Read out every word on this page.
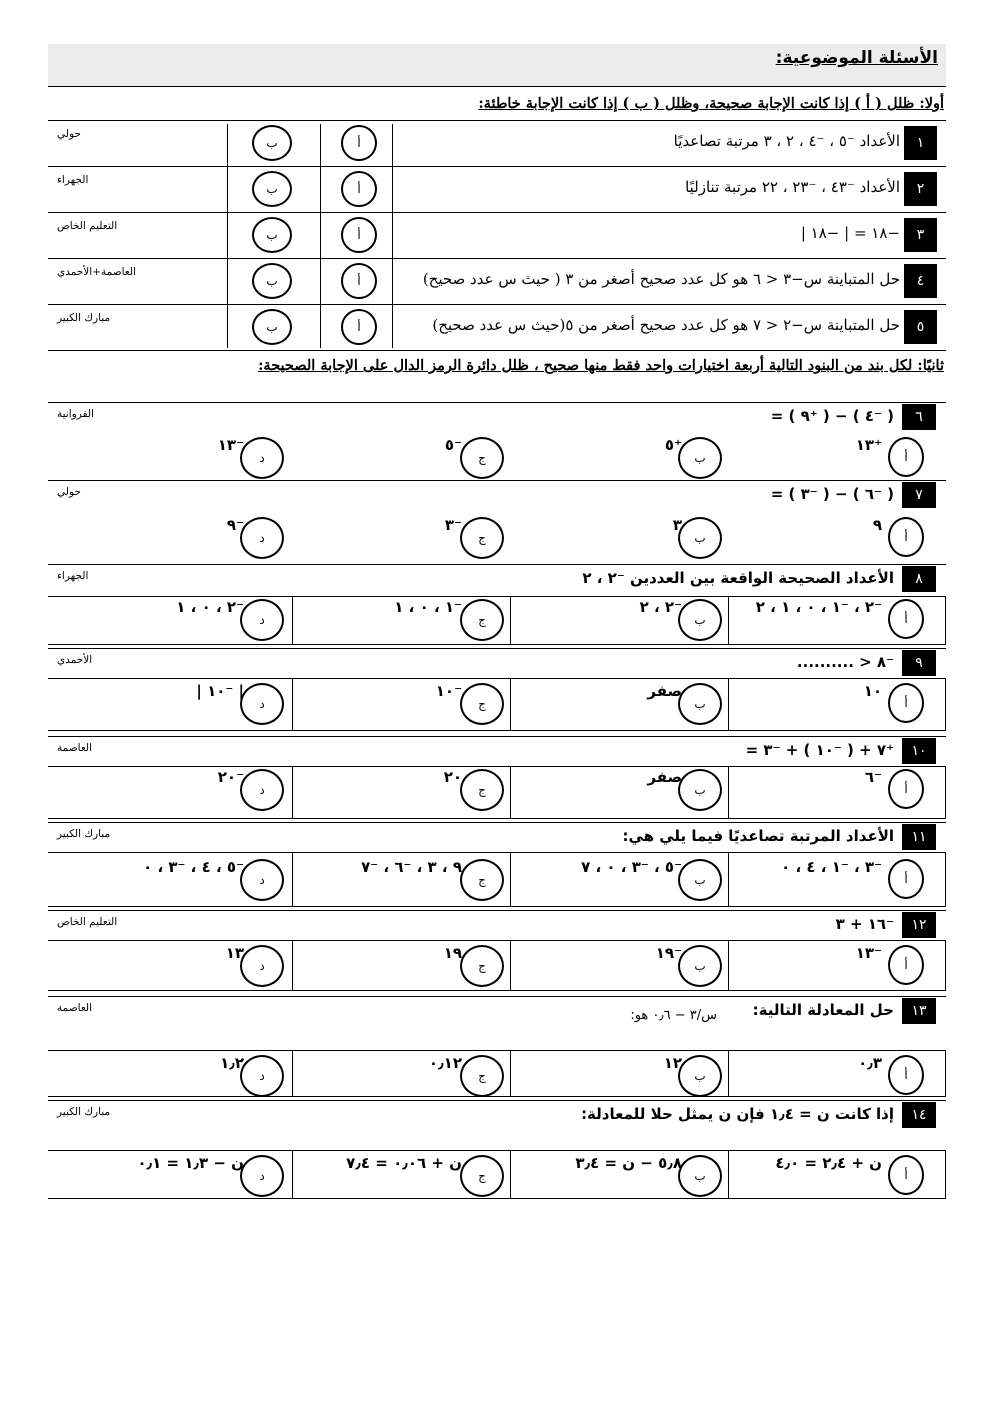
الأسئلة الموضوعية:
أولا: ظلل ( أ ) إذا كانت الإجابة صحيحة، وظلل ( ب ) إذا كانت الإجابة خاطئة:
١
الأعداد ⁻٥ ، ⁻٤ ، ٢ ، ٣ مرتبة تصاعديًا
حولي
أ
ب
٢
الأعداد ⁻٤٣ ، ⁻٢٣ ، ٢٢ مرتبة تنازليًا
الجهراء
أ
ب
٣
−١٨ = | −١٨ |
التعليم الخاص
أ
ب
٤
حل المتباينة س−٣ < ٦ هو كل عدد صحيح أصغر من ٣ ( حيث س عدد صحيح)
العاصمة+الأحمدي
أ
ب
٥
حل المتباينة س−٢ < ٧ هو كل عدد صحيح أصغر من ٥(حيث س عدد صحيح)
مبارك الكبير
أ
ب
ثانيًا: لكل بند من البنود التالية أربعة اختيارات واحد فقط منها صحيح ، ظلل دائرة الرمز الدال على الإجابة الصحيحة:
٦
( ⁻٤ ) − ( ⁺٩ ) =
الفروانية
أ
⁺١٣
ب
⁺٥
ج
⁻٥
د
⁻١٣
٧
( ⁻٦ ) − ( ⁻٣ ) =
حولي
أ
٩
ب
٣
ج
⁻٣
د
⁻٩
٨
الأعداد الصحيحة الواقعة بين العددين ⁻٢ ، ٢
الجهراء
أ
⁻٢ ، ⁻١ ، ٠ ، ١ ، ٢
ب
⁻٢ ، ٢
ج
⁻١ ، ٠ ، ١
د
⁻٢ ، ٠ ، ١
٩
⁻٨ < ..........
الأحمدي
أ
١٠
ب
صفر
ج
⁻١٠
د
| ⁻١٠ |
١٠
⁺٧ + ( ⁻١٠ ) + ⁻٣ =
العاصمة
أ
⁻٦
ب
صفر
ج
٢٠
د
⁻٢٠
١١
الأعداد المرتبة تصاعديًا فيما يلي هي:
مبارك الكبير
أ
⁻٣ ، ⁻١ ، ٤ ، ٠
ب
⁻٥ ، ⁻٣ ، ٠ ، ٧
ج
٩ ، ٣ ، ⁻٦ ، ⁻٧
د
⁻٥ ، ٤ ، ⁻٣ ، ٠
١٢
⁻١٦ + ٣
التعليم الخاص
أ
⁻١٣
ب
⁻١٩
ج
١٩
د
١٣
١٣
حل المعادلة التالية:
العاصمة
أ
٠٫٣
ب
١٢
ج
٠٫١٢
د
١٫٢
١٤
إذا كانت ن = ١٫٤ فإن ن يمثل حلا للمعادلة:
مبارك الكبير
أ
ن + ٢٫٤ = ٤٫٠
ب
٥٫٨ − ن = ٣٫٤
ج
ن + ٠٫٠٦ = ٧٫٤
د
ن − ١٫٣ = ٠٫١
س/٣ − ٠٫٦ هو:
